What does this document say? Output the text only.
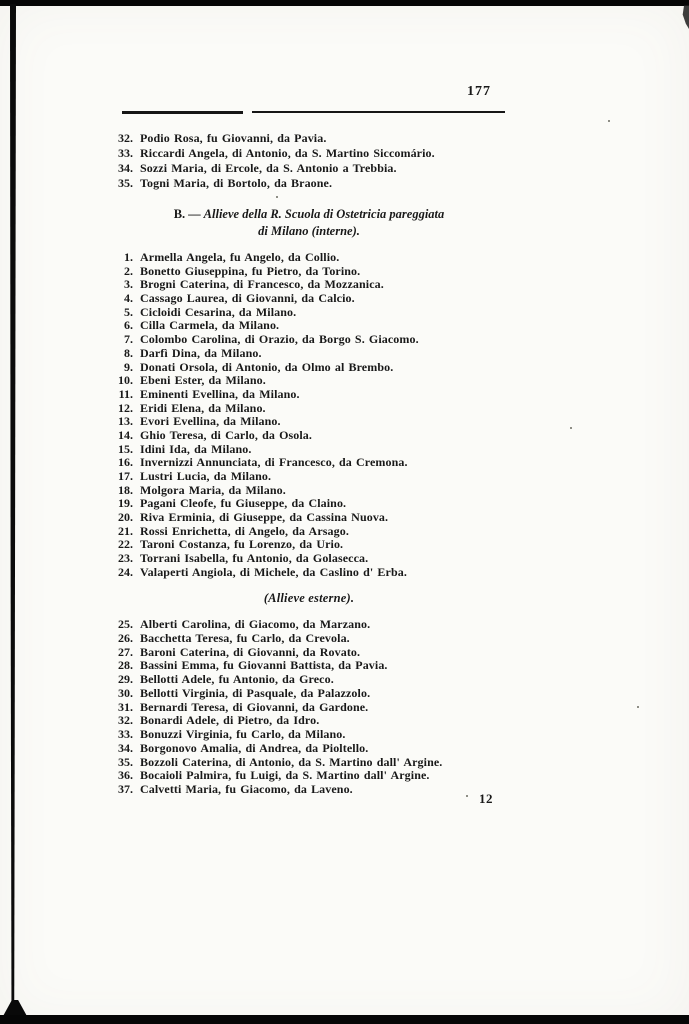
177
32. Podio Rosa, fu Giovanni, da Pavia.
33. Riccardi Angela, di Antonio, da S. Martino Siccomário.
34. Sozzi Maria, di Ercole, da S. Antonio a Trebbia.
35. Togni Maria, di Bortolo, da Braone.
B. — Allieve della R. Scuola di Ostetricia pareggiata
di Milano (interne).
1. Armella Angela, fu Angelo, da Collio.
2. Bonetto Giuseppina, fu Pietro, da Torino.
3. Brogni Caterina, di Francesco, da Mozzanica.
4. Cassago Laurea, di Giovanni, da Calcio.
5. Cicloidi Cesarina, da Milano.
6. Cilla Carmela, da Milano.
7. Colombo Carolina, di Orazio, da Borgo S. Giacomo.
8. Darfì Dina, da Milano.
9. Donati Orsola, di Antonio, da Olmo al Brembo.
10. Ebeni Ester, da Milano.
11. Eminenti Evellina, da Milano.
12. Eridi Elena, da Milano.
13. Evori Evellina, da Milano.
14. Ghio Teresa, di Carlo, da Osola.
15. Idini Ida, da Milano.
16. Invernizzi Annunciata, di Francesco, da Cremona.
17. Lustri Lucia, da Milano.
18. Molgora Maria, da Milano.
19. Pagani Cleofe, fu Giuseppe, da Claino.
20. Riva Erminia, di Giuseppe, da Cassina Nuova.
21. Rossi Enrichetta, di Angelo, da Arsago.
22. Taroni Costanza, fu Lorenzo, da Urio.
23. Torrani Isabella, fu Antonio, da Golasecca.
24. Valaperti Angiola, di Michele, da Caslino d' Erba.
(Allieve esterne).
25. Alberti Carolina, di Giacomo, da Marzano.
26. Bacchetta Teresa, fu Carlo, da Crevola.
27. Baroni Caterina, di Giovanni, da Rovato.
28. Bassini Emma, fu Giovanni Battista, da Pavia.
29. Bellotti Adele, fu Antonio, da Greco.
30. Bellotti Virginia, di Pasquale, da Palazzolo.
31. Bernardi Teresa, di Giovanni, da Gardone.
32. Bonardi Adele, di Pietro, da Idro.
33. Bonuzzi Virginia, fu Carlo, da Milano.
34. Borgonovo Amalia, di Andrea, da Pioltello.
35. Bozzoli Caterina, di Antonio, da S. Martino dall' Argine.
36. Bocaioli Palmira, fu Luigi, da S. Martino dall' Argine.
37. Calvetti Maria, fu Giacomo, da Laveno.
12
